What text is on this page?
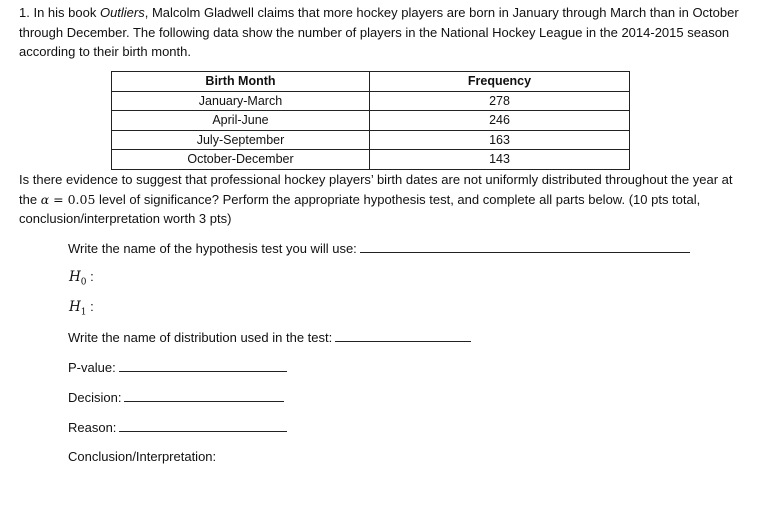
1. In his book Outliers, Malcolm Gladwell claims that more hockey players are born in January through March than in October through December. The following data show the number of players in the National Hockey League in the 2014-2015 season according to their birth month.

Birth Month	Frequency
January-March	278
April-June	246
July-September	163
October-December	143

Is there evidence to suggest that professional hockey players’ birth dates are not uniformly distributed throughout the year at the α = 0.05 level of significance? Perform the appropriate hypothesis test, and complete all parts below. (10 pts total, conclusion/interpretation worth 3 pts)

Write the name of the hypothesis test you will use:
$H_0$ :
$H_1$ :
Write the name of distribution used in the test:
P-value:
Decision:
Reason:
Conclusion/Interpretation:
